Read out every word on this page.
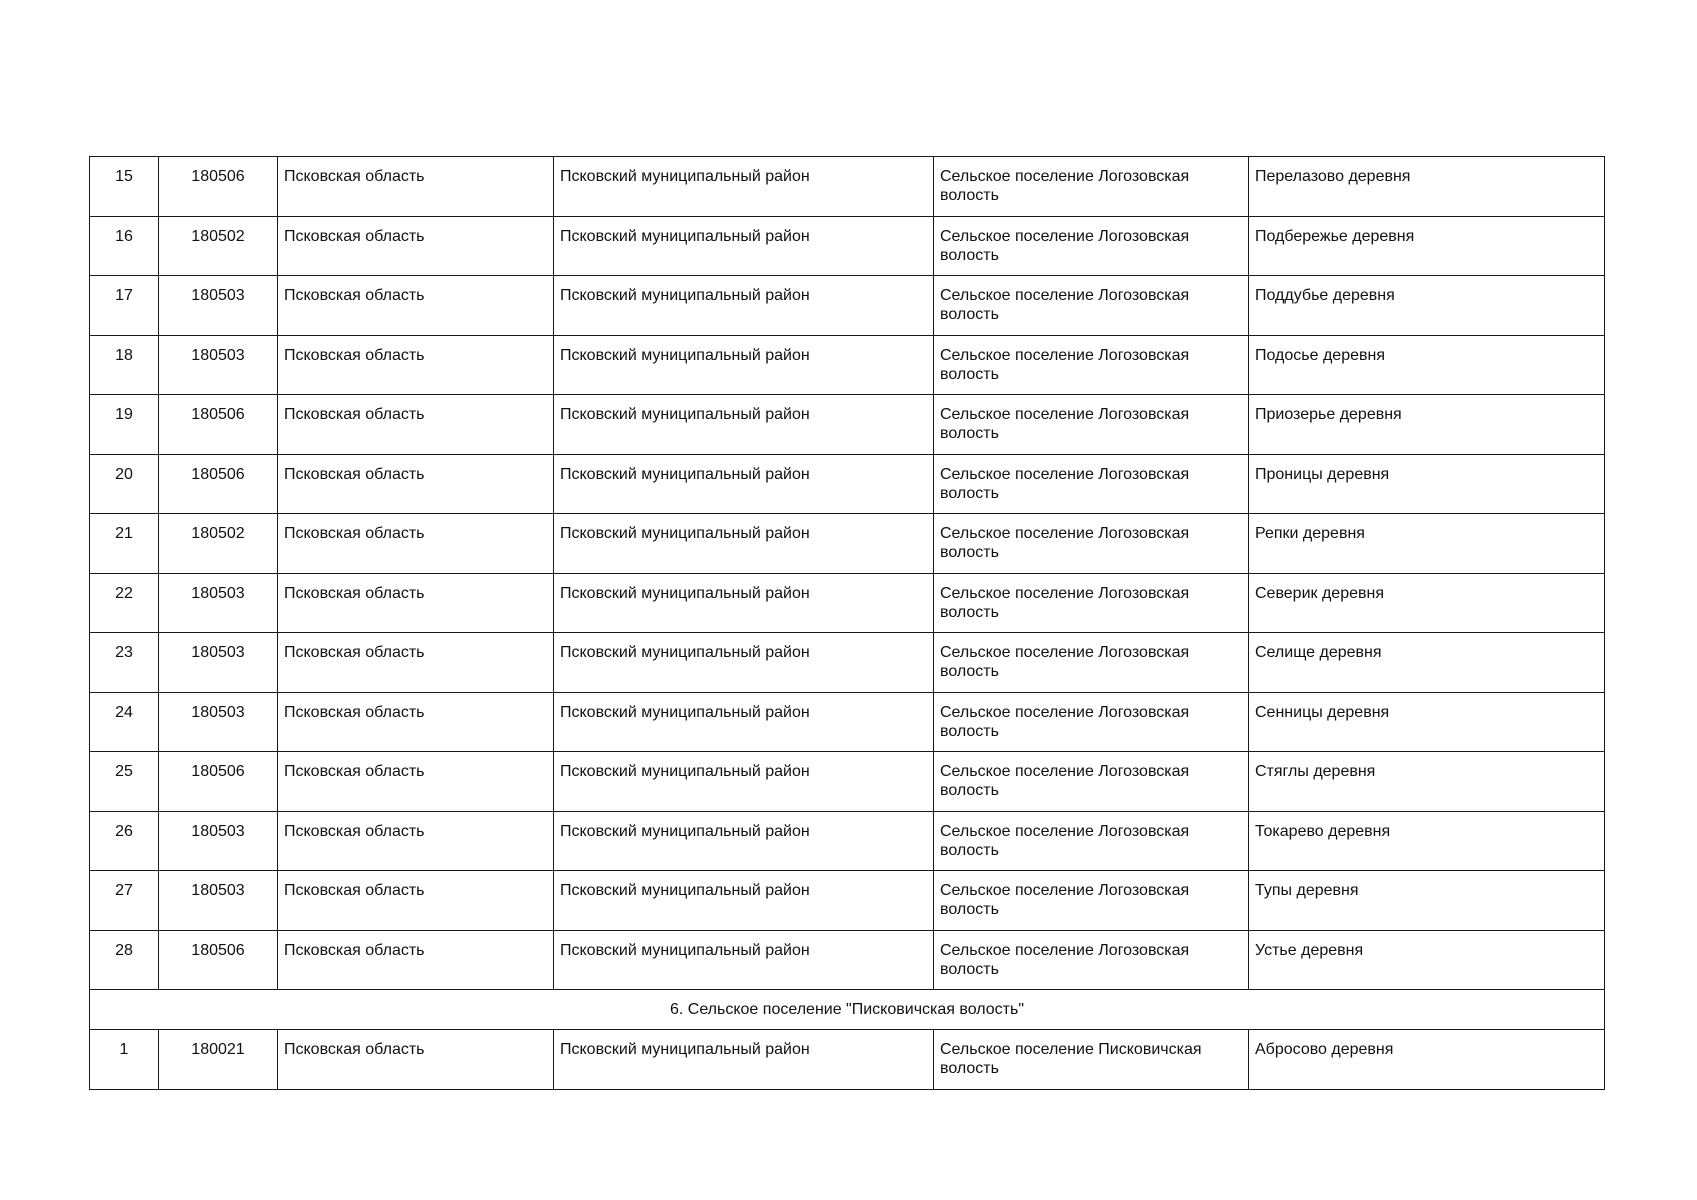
15	180506	Псковская область	Псковский муниципальный район	Сельское поселение Логозовская волость	Перелазово деревня
16	180502	Псковская область	Псковский муниципальный район	Сельское поселение Логозовская волость	Подбережье деревня
17	180503	Псковская область	Псковский муниципальный район	Сельское поселение Логозовская волость	Поддубье деревня
18	180503	Псковская область	Псковский муниципальный район	Сельское поселение Логозовская волость	Подосье деревня
19	180506	Псковская область	Псковский муниципальный район	Сельское поселение Логозовская волость	Приозерье деревня
20	180506	Псковская область	Псковский муниципальный район	Сельское поселение Логозовская волость	Проницы деревня
21	180502	Псковская область	Псковский муниципальный район	Сельское поселение Логозовская волость	Репки деревня
22	180503	Псковская область	Псковский муниципальный район	Сельское поселение Логозовская волость	Северик деревня
23	180503	Псковская область	Псковский муниципальный район	Сельское поселение Логозовская волость	Селище деревня
24	180503	Псковская область	Псковский муниципальный район	Сельское поселение Логозовская волость	Сенницы деревня
25	180506	Псковская область	Псковский муниципальный район	Сельское поселение Логозовская волость	Стяглы деревня
26	180503	Псковская область	Псковский муниципальный район	Сельское поселение Логозовская волость	Токарево деревня
27	180503	Псковская область	Псковский муниципальный район	Сельское поселение Логозовская волость	Тупы деревня
28	180506	Псковская область	Псковский муниципальный район	Сельское поселение Логозовская волость	Устье деревня
6. Сельское поселение "Писковичская волость"					
1	180021	Псковская область	Псковский муниципальный район	Сельское поселение Писковичская волость	Абросово деревня
